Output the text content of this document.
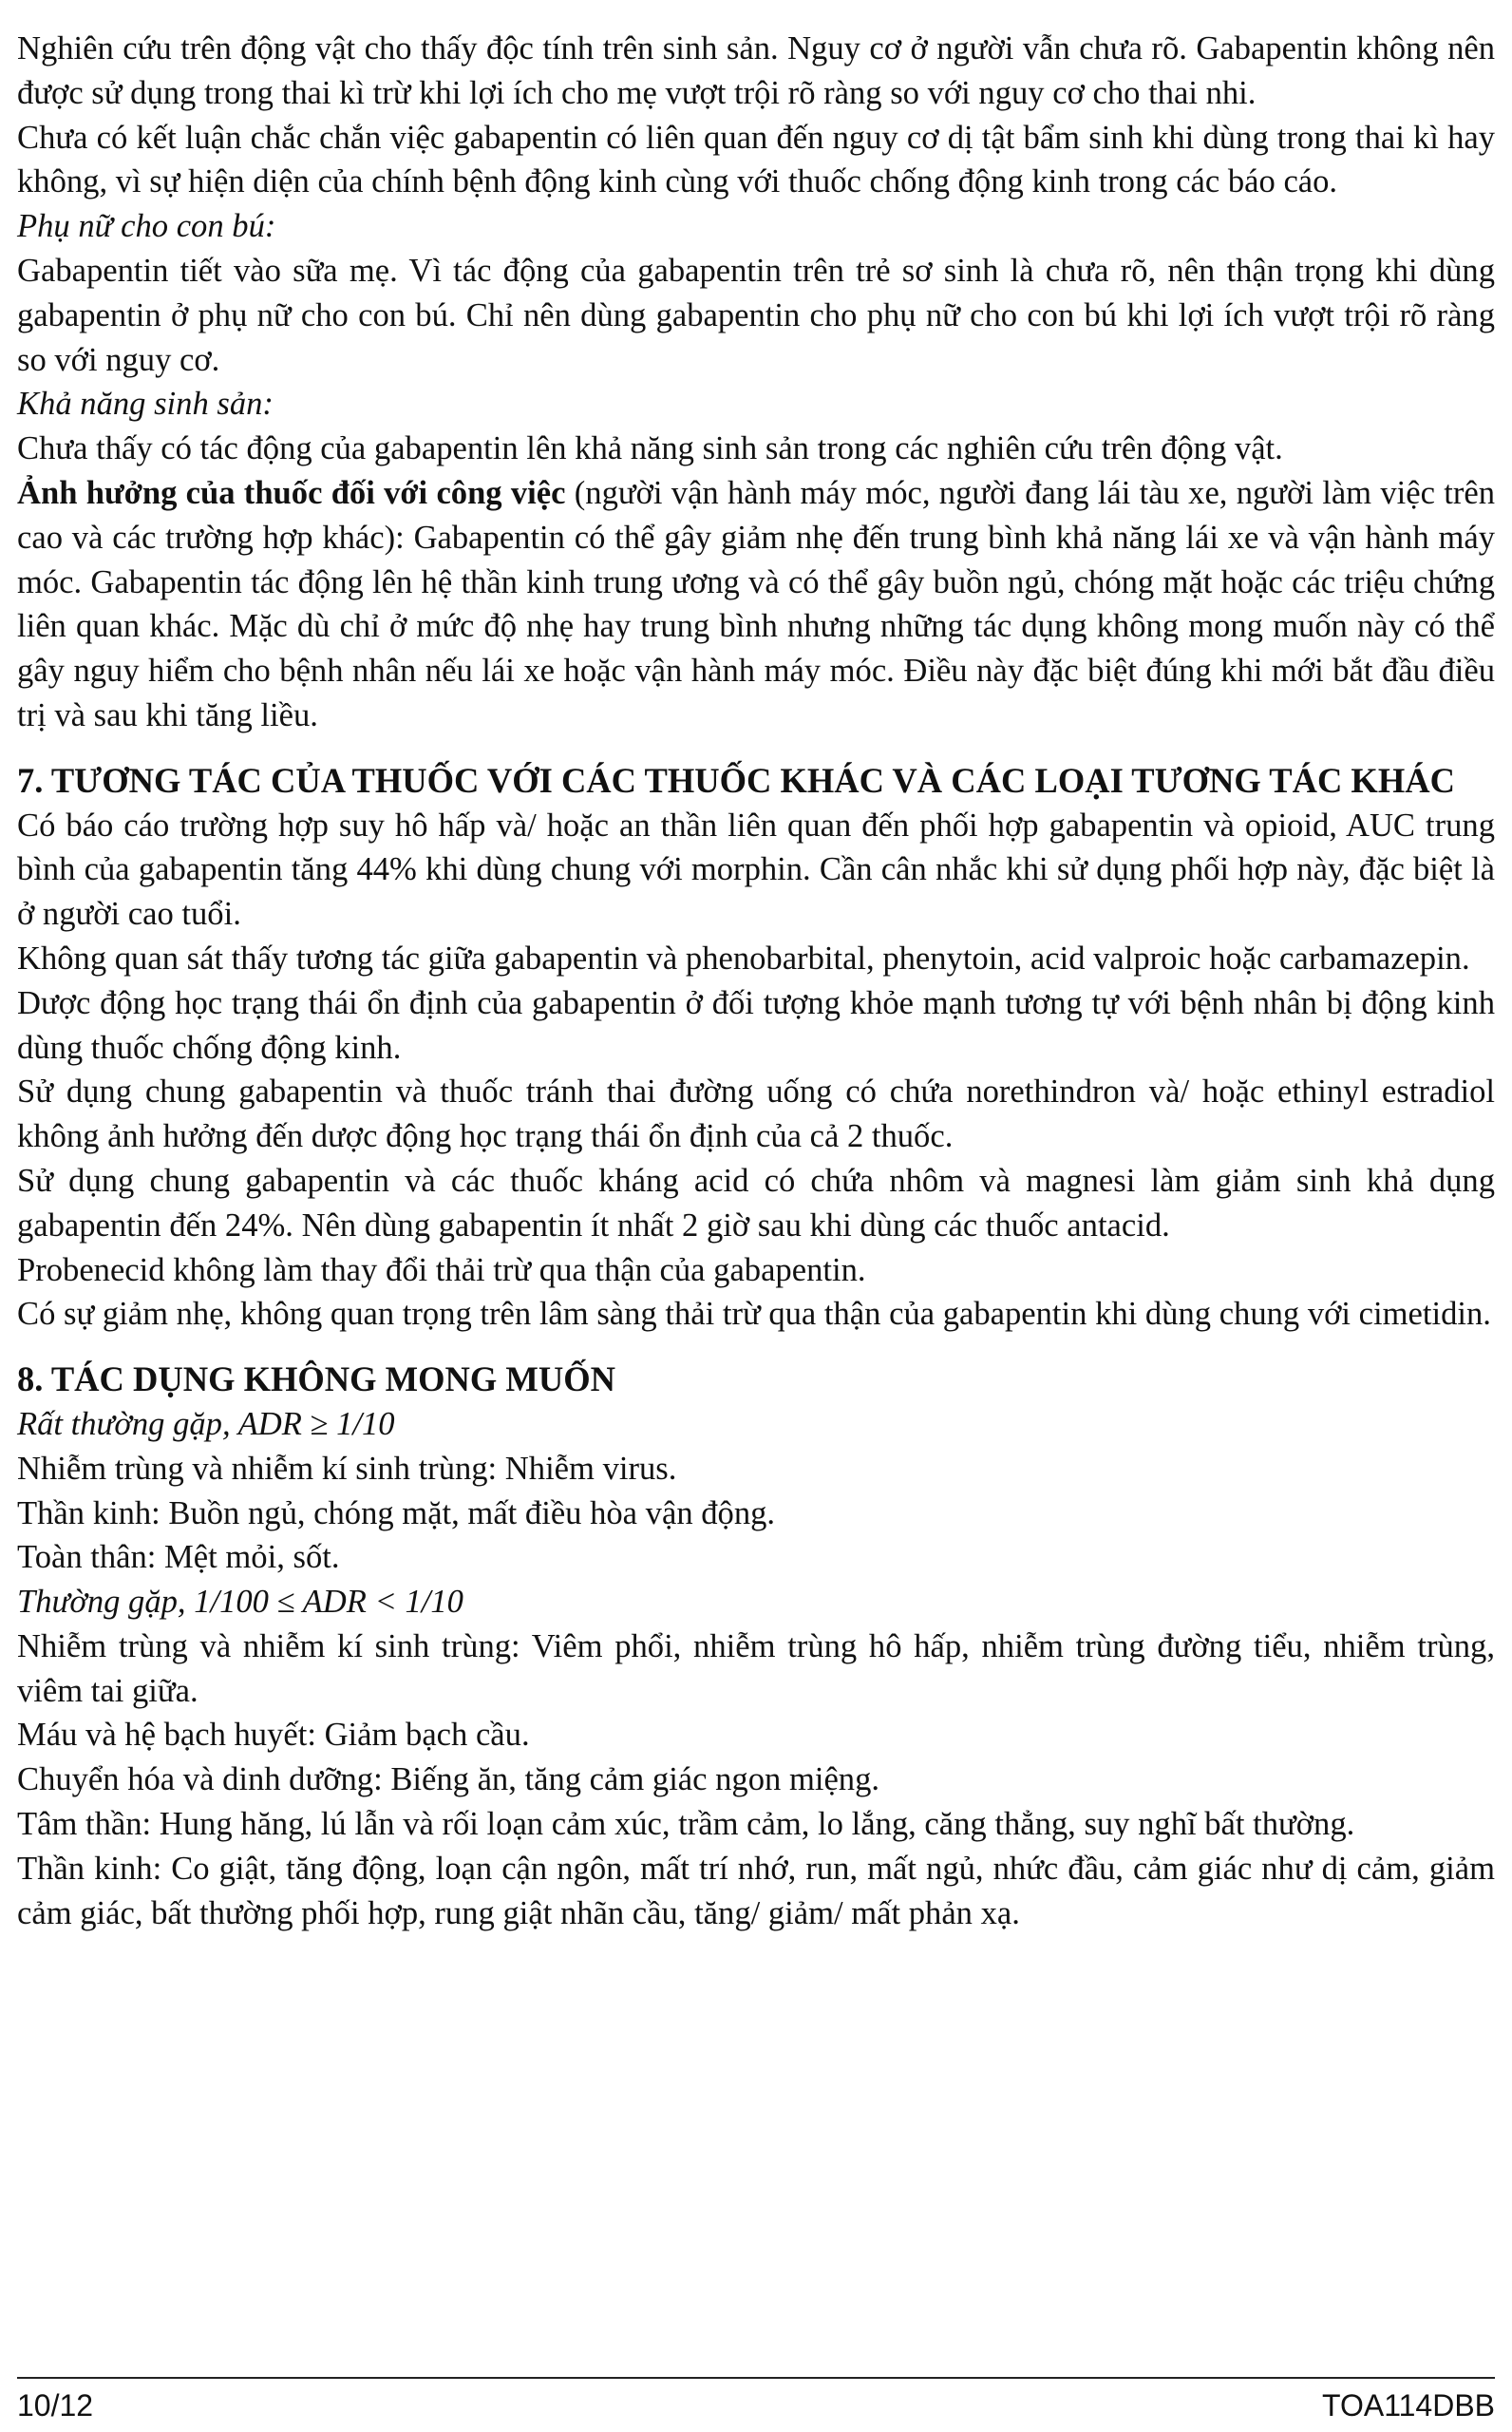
Nghiên cứu trên động vật cho thấy độc tính trên sinh sản. Nguy cơ ở người vẫn chưa rõ. Gabapentin không nên được sử dụng trong thai kì trừ khi lợi ích cho mẹ vượt trội rõ ràng so với nguy cơ cho thai nhi.

Chưa có kết luận chắc chắn việc gabapentin có liên quan đến nguy cơ dị tật bẩm sinh khi dùng trong thai kì hay không, vì sự hiện diện của chính bệnh động kinh cùng với thuốc chống động kinh trong các báo cáo.

Phụ nữ cho con bú:

Gabapentin tiết vào sữa mẹ. Vì tác động của gabapentin trên trẻ sơ sinh là chưa rõ, nên thận trọng khi dùng gabapentin ở phụ nữ cho con bú. Chỉ nên dùng gabapentin cho phụ nữ cho con bú khi lợi ích vượt trội rõ ràng so với nguy cơ.

Khả năng sinh sản:

Chưa thấy có tác động của gabapentin lên khả năng sinh sản trong các nghiên cứu trên động vật.

Ảnh hưởng của thuốc đối với công việc (người vận hành máy móc, người đang lái tàu xe, người làm việc trên cao và các trường hợp khác): Gabapentin có thể gây giảm nhẹ đến trung bình khả năng lái xe và vận hành máy móc. Gabapentin tác động lên hệ thần kinh trung ương và có thể gây buồn ngủ, chóng mặt hoặc các triệu chứng liên quan khác. Mặc dù chỉ ở mức độ nhẹ hay trung bình nhưng những tác dụng không mong muốn này có thể gây nguy hiểm cho bệnh nhân nếu lái xe hoặc vận hành máy móc. Điều này đặc biệt đúng khi mới bắt đầu điều trị và sau khi tăng liều.

7. TƯƠNG TÁC CỦA THUỐC VỚI CÁC THUỐC KHÁC VÀ CÁC LOẠI TƯƠNG TÁC KHÁC

Có báo cáo trường hợp suy hô hấp và/ hoặc an thần liên quan đến phối hợp gabapentin và opioid, AUC trung bình của gabapentin tăng 44% khi dùng chung với morphin. Cần cân nhắc khi sử dụng phối hợp này, đặc biệt là ở người cao tuổi.

Không quan sát thấy tương tác giữa gabapentin và phenobarbital, phenytoin, acid valproic hoặc carbamazepin.

Dược động học trạng thái ổn định của gabapentin ở đối tượng khỏe mạnh tương tự với bệnh nhân bị động kinh dùng thuốc chống động kinh.

Sử dụng chung gabapentin và thuốc tránh thai đường uống có chứa norethindron và/ hoặc ethinyl estradiol không ảnh hưởng đến dược động học trạng thái ổn định của cả 2 thuốc.

Sử dụng chung gabapentin và các thuốc kháng acid có chứa nhôm và magnesi làm giảm sinh khả dụng gabapentin đến 24%. Nên dùng gabapentin ít nhất 2 giờ sau khi dùng các thuốc antacid.

Probenecid không làm thay đổi thải trừ qua thận của gabapentin.

Có sự giảm nhẹ, không quan trọng trên lâm sàng thải trừ qua thận của gabapentin khi dùng chung với cimetidin.

8. TÁC DỤNG KHÔNG MONG MUỐN

Rất thường gặp, ADR ≥ 1/10

Nhiễm trùng và nhiễm kí sinh trùng: Nhiễm virus.

Thần kinh: Buồn ngủ, chóng mặt, mất điều hòa vận động.

Toàn thân: Mệt mỏi, sốt.

Thường gặp, 1/100 ≤ ADR < 1/10

Nhiễm trùng và nhiễm kí sinh trùng: Viêm phổi, nhiễm trùng hô hấp, nhiễm trùng đường tiểu, nhiễm trùng, viêm tai giữa.

Máu và hệ bạch huyết: Giảm bạch cầu.

Chuyển hóa và dinh dưỡng: Biếng ăn, tăng cảm giác ngon miệng.

Tâm thần: Hung hăng, lú lẫn và rối loạn cảm xúc, trầm cảm, lo lắng, căng thẳng, suy nghĩ bất thường.

Thần kinh: Co giật, tăng động, loạn cận ngôn, mất trí nhớ, run, mất ngủ, nhức đầu, cảm giác như dị cảm, giảm cảm giác, bất thường phối hợp, rung giật nhãn cầu, tăng/ giảm/ mất phản xạ.

10/12	TOA114DBB
